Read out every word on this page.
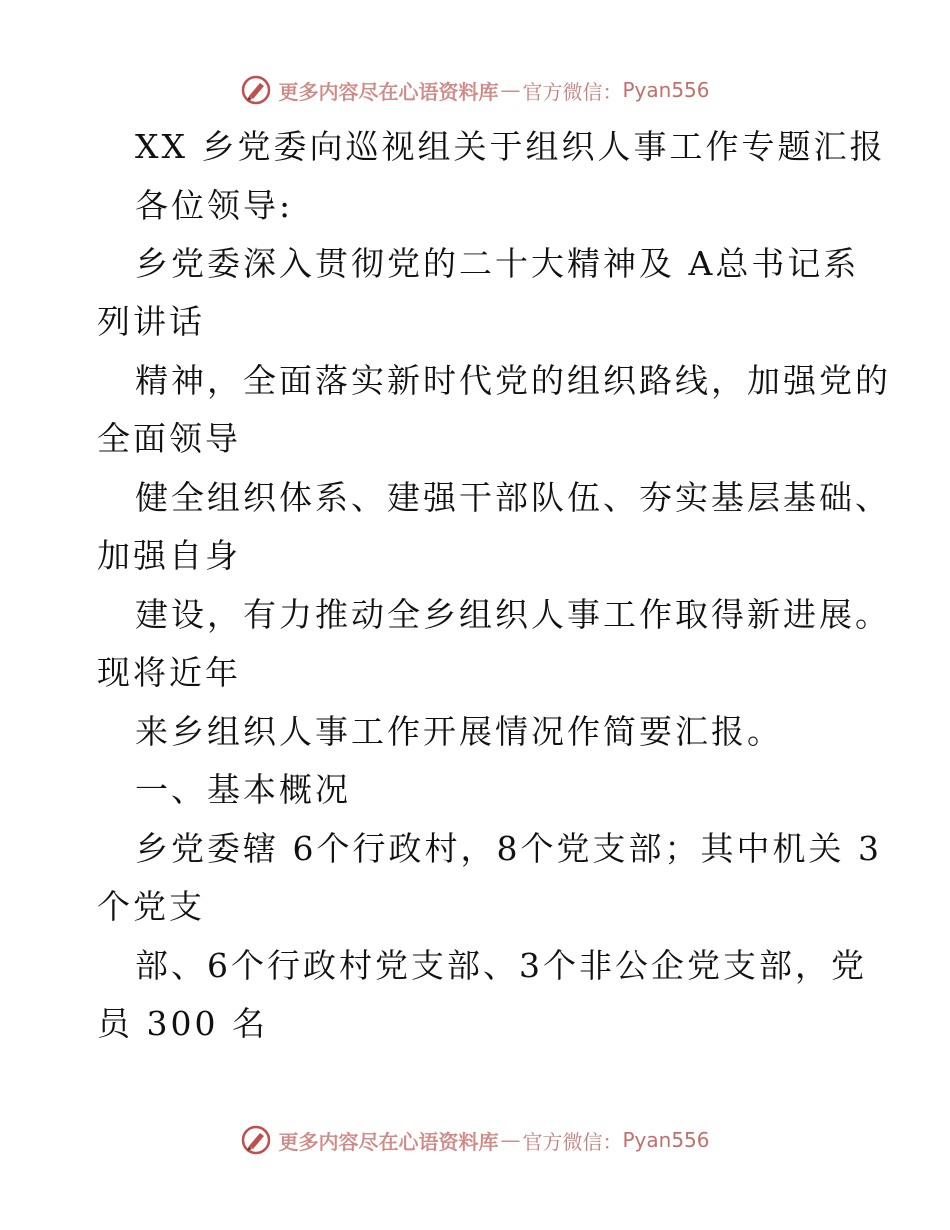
更多内容尽在心语资料库 — 官方微信： Pyan556
XX 乡党委向巡视组关于组织人事工作专题汇报
各位领导:
乡党委深入贯彻党的二十大精神及 A总书记系
列讲话
精神，全面落实新时代党的组织路线，加强党的
全面领导
健全组织体系、建强干部队伍、夯实基层基础、
加强自身
建设，有力推动全乡组织人事工作取得新进展。
现将近年
来乡组织人事工作开展情况作简要汇报。
一、基本概况
乡党委辖 6个行政村，8个党支部；其中机关 3
个党支
部、6个行政村党支部、3个非公企党支部，党
员 300 名
更多内容尽在心语资料库 — 官方微信： Pyan556
